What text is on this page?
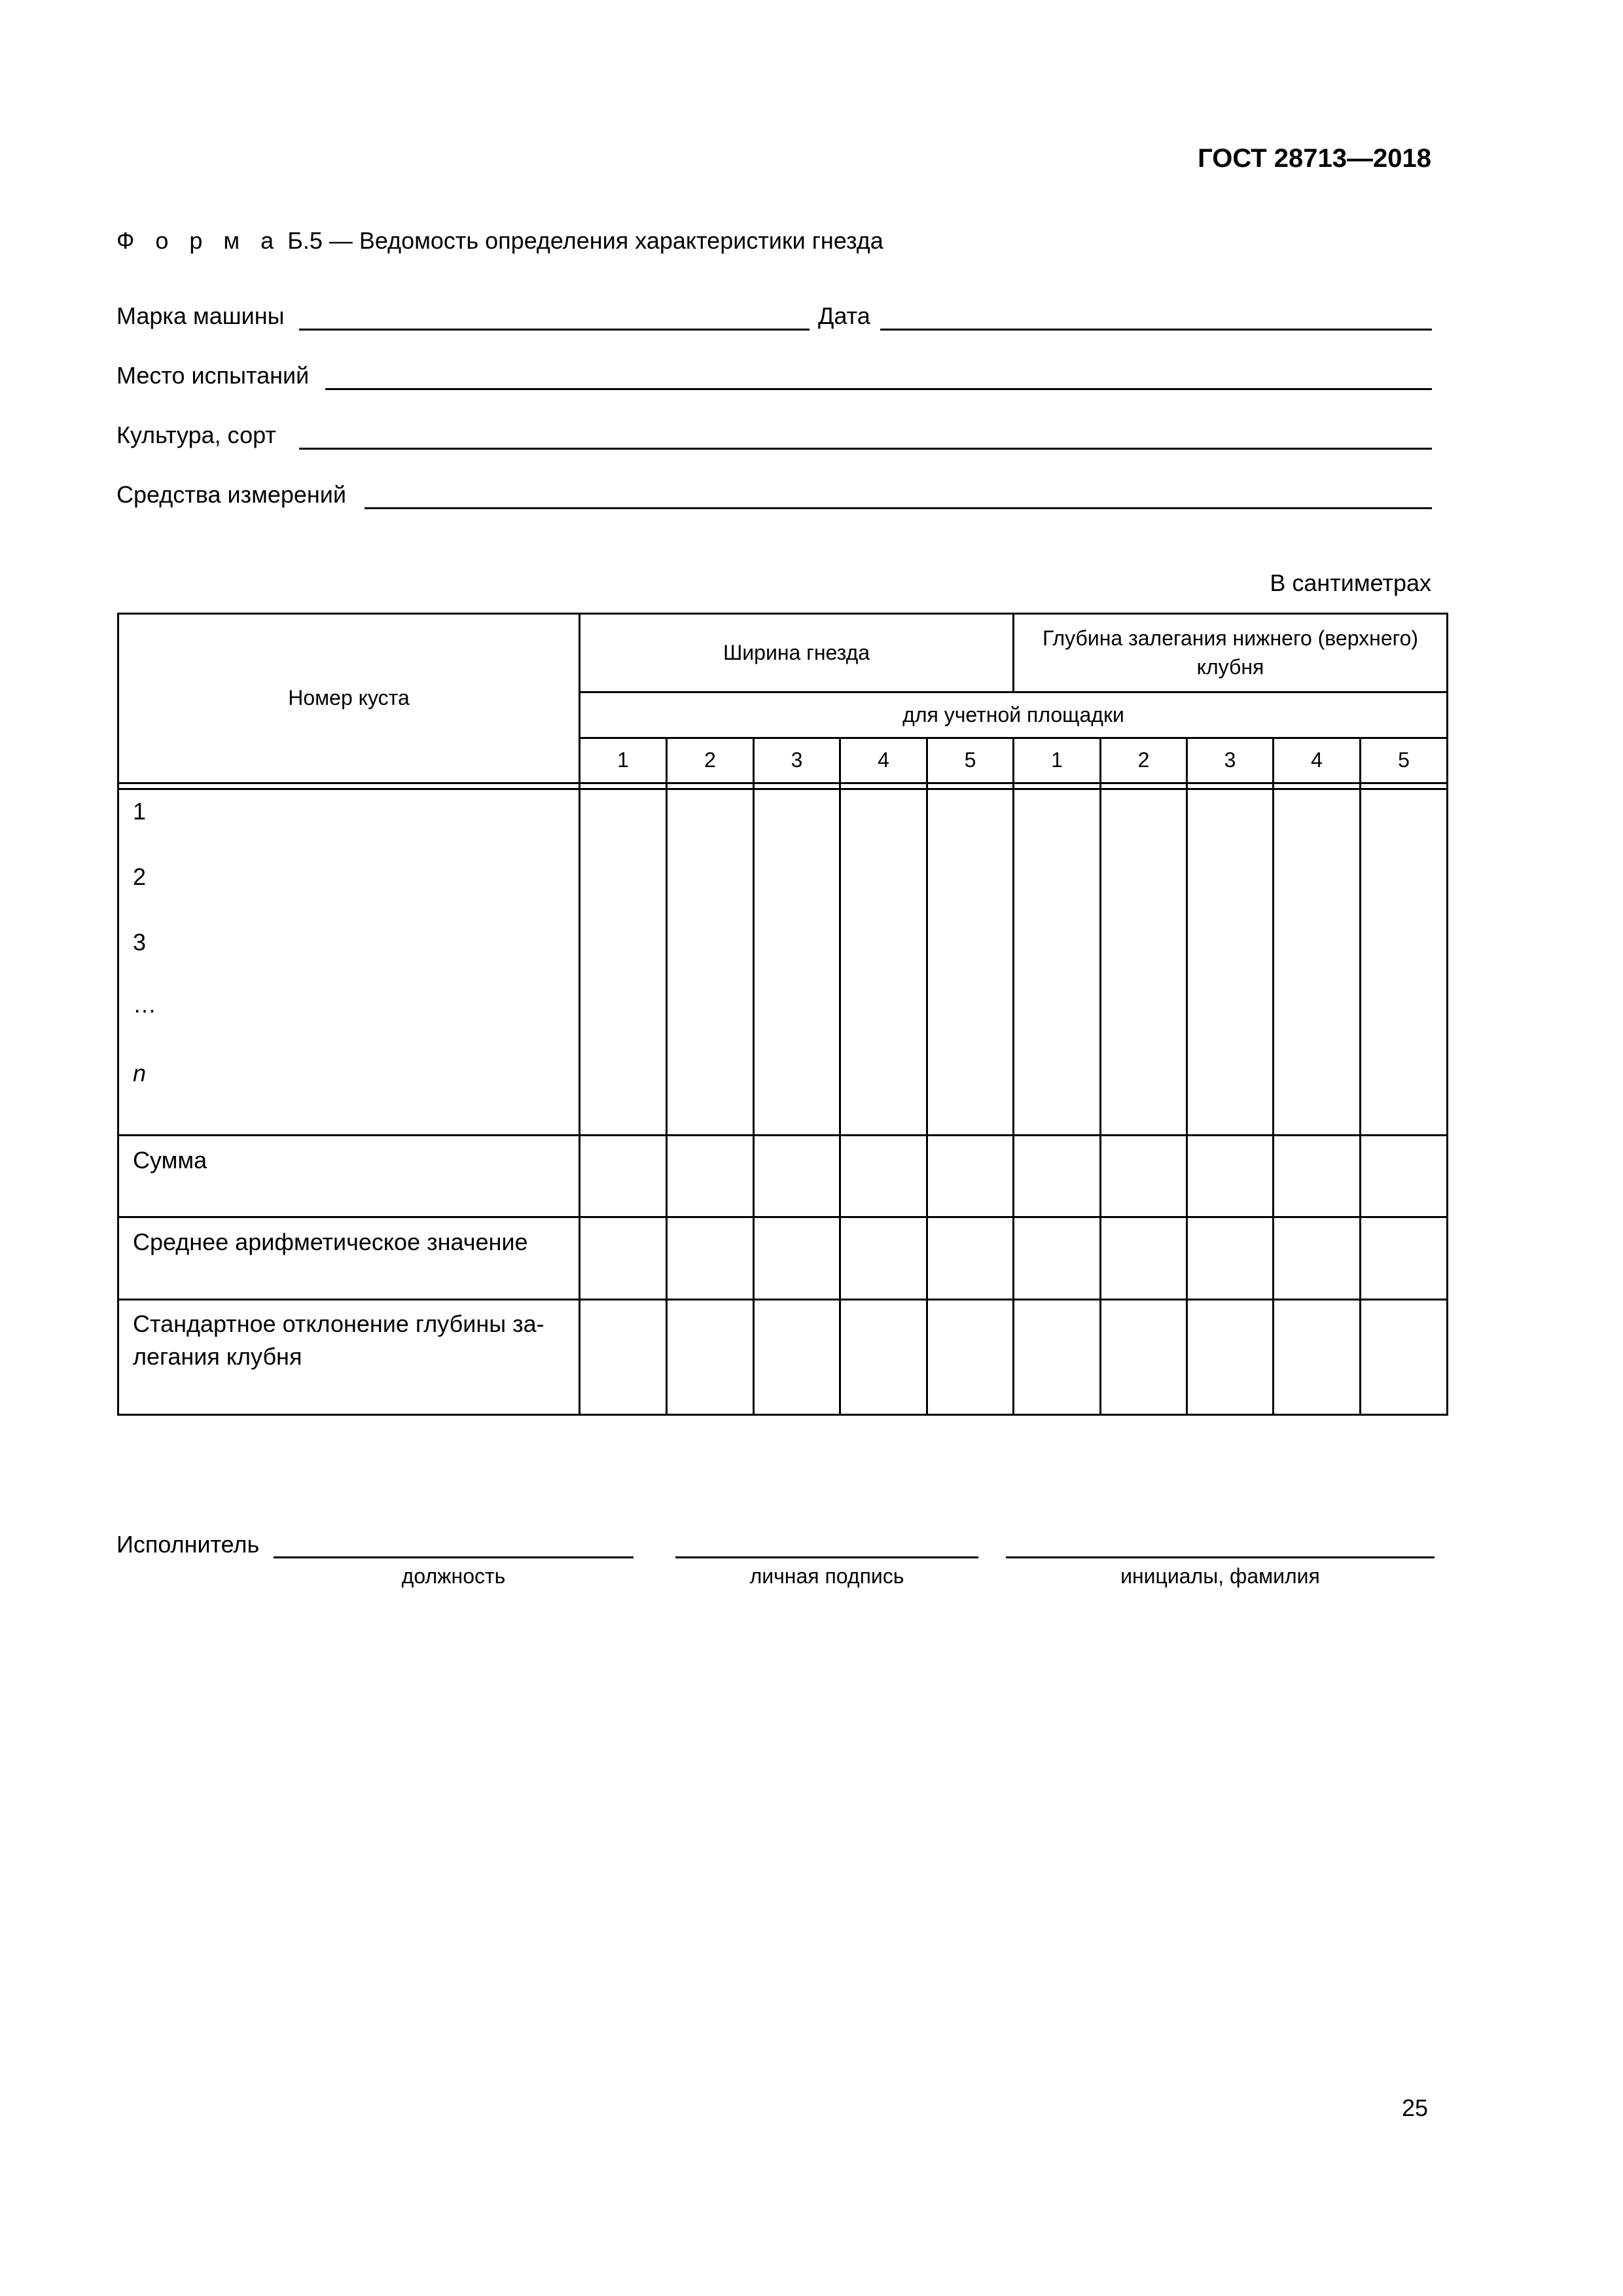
ГОСТ 28713—2018
Ф о р м а Б.5 — Ведомость определения характеристики гнезда
Марка машины	Дата
Место испытаний
Культура, сорт
Средства измерений
В сантиметрах
Номер куста
Ширина гнезда
Глубина залегания нижнего (верхнего) клубня
для учетной площадки
1	2	3	4	5	1	2	3	4	5
1
2
3
…
n
Сумма
Среднее арифметическое значение
Стандартное отклонение глубины за-
легания клубня
Исполнитель
должность	личная подпись	инициалы, фамилия
25
